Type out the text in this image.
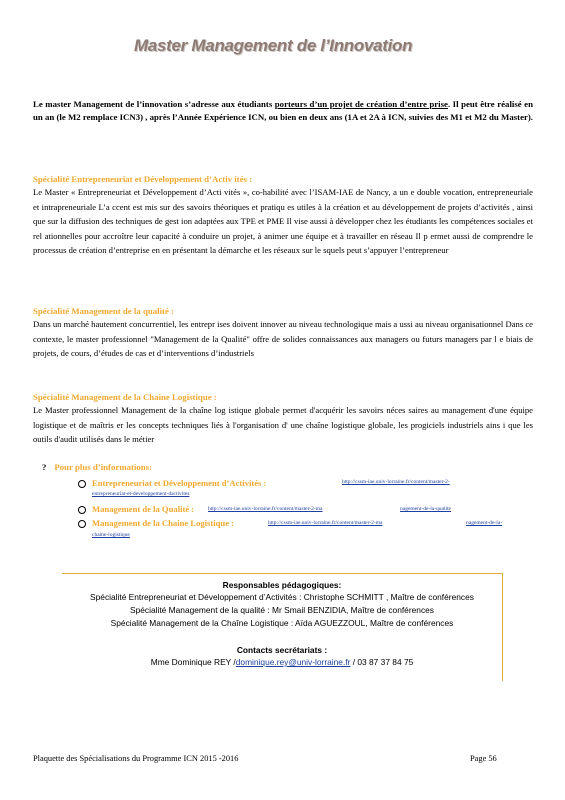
Master Management de l’Innovation
Le master Management de l’innovation s’adresse aux étudiants porteurs d’un projet de création d’entre prise. Il peut être réalisé en un an (le M2 remplace ICN3) , après l’Année Expérience ICN, ou bien en deux ans (1A et 2A à ICN, suivies des M1 et M2 du Master).
Spécialité Entrepreneuriat et Développement d’Activ ités :
Le Master « Entrepreneuriat et Développement d’Acti vités », co-habilité avec l’ISAM-IAE de Nancy, a un e double vocation, entrepreneuriale et intrapreneuriale L’a ccent est mis sur des savoirs théoriques et pratiqu es utiles à la création et au développement de projets d’activités , ainsi que sur la diffusion des techniques de gest ion adaptées aux TPE et PME Il vise aussi à développer chez les étudiants les compétences sociales et rel ationnelles pour accroître leur capacité à conduire un projet, à animer une équipe et à travailler en réseau Il p ermet aussi de comprendre le processus de création d’entreprise en en présentant la démarche et les réseaux sur le squels peut s’appuyer l’entrepreneur
Spécialité Management de la qualité :
Dans un marché hautement concurrentiel, les entrepr ises doivent innover au niveau technologique mais a ussi au niveau organisationnel Dans ce contexte, le master professionnel "Management de la Qualité" offre de solides connaissances aux managers ou futurs managers par l e biais de projets, de cours, d’études de cas et d’interventions d’industriels
Spécialité Management de la Chaine Logistique :
Le Master professionnel Management de la chaîne log istique globale permet d'acquérir les savoirs néces saires au management d'une équipe logistique et de maîtris er les concepts techniques liés à l'organisation d' une chaîne logistique globale, les progiciels industriels ains i que les outils d'audit utilisés dans le métier
? Pour plus d’informations:
Entrepreneuriat et Développement d’Activités :	http://cssm-iae.univ-lorraine.fr/content/master-2-
entrepreneuriat-et-developpement-dactivites
Management de la Qualité :	http://cssm-iae.univ-lorraine.fr/content/master-2-ma	nagement-de-la-qualite
Management de la Chaine Logistique :	http://cssm-iae.univ-lorraine.fr/content/master-2-ma	nagement-de-la-
chaine-logistique
Responsables pédagogiques:
Spécialité Entrepreneuriat et Développement d’Activités : Christophe SCHMITT , Maître de conférences
Spécialité Management de la qualité : Mr Smail BENZIDIA, Maître de conférences
Spécialité Management de la Chaîne Logistique : Aïda AGUEZZOUL, Maître de conférences
Contacts secrétariats :
Mme Dominique REY /dominique.rey@univ-lorraine.fr / 03 87 37 84 75
Plaquette des Spécialisations du Programme ICN 2015 -2016	Page 56
